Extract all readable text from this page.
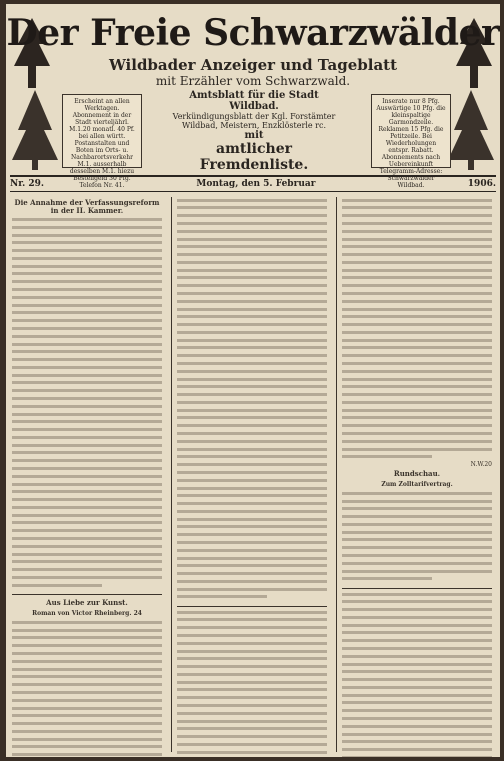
Der Freie Schwarzwälder
Wildbader Anzeiger und Tageblatt
mit Erzähler vom Schwarzwald.
Erscheint an allen Werktagen. Abonnement in der Stadt vierteljährl. M.1.20 monatl. 40 Pf. bei allen württ. Postanstalten und Boten im Orts- u. Nachbarortsverkehr M.1. ausserhalb desselben M.1. hiezu Bestellgeld 30 Pfg. Telefon Nr. 41.
Inserate nur 8 Pfg. Auswärtige 10 Pfg. die kleinspaltige Garmondzeile. Reklamen 15 Pfg. die Petitzeile. Bei Wiederholungen entspr. Rabatt. Abonnements nach Uebereinkunft Telegramm-Adresse: Schwarzwälder Wildbad.
Amtsblatt für die Stadt Wildbad.
Verkündigungsblatt der Kgl. Forstämter Wildbad, Meistern, Enzklösterle rc.
mit
amtlicher Fremdenliste.
Nr. 29.	Montag, den 5. Februar	1906.
Die Annahme der Verfassungsreform in der II. Kammer.
Aus Liebe zur Kunst.
Roman von Victor Rheinberg. 24
N.W.20
Rundschau.
Zum Zolltarifvertrag.
